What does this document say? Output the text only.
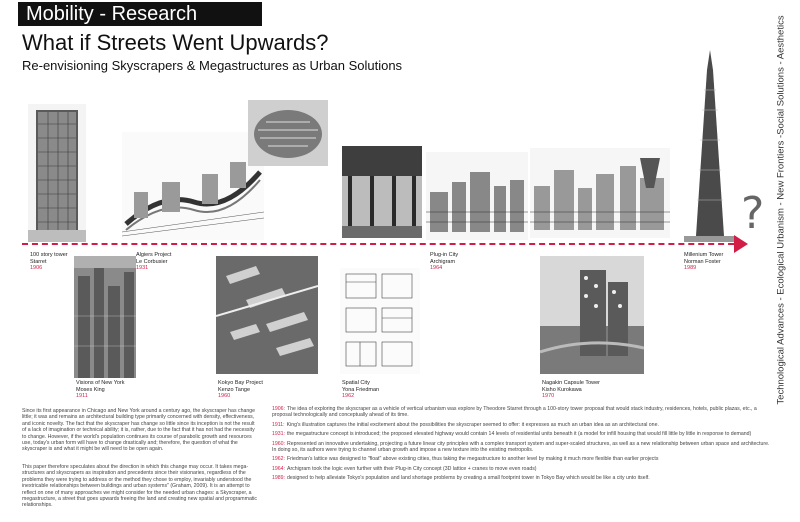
Mobility - Research
What if Streets Went Upwards?
Re-envisioning Skyscrapers & Megastructures as Urban Solutions	Technological Advances - Ecological Urbanism - New Frontiers -Social Solutions - Aesthetics
?
100 story tower
Starret
1906
Algiers Project
Le Corbusier
1931
Plug-in City
Archigram
1964
Millenium Tower
Norman Foster
1989
Visions of New York
Moses King
1911
Kokyo Bay Project
Kenzo Tange
1960
Spatial City
Yona Friedman
1962
Nagakin Capsule Tower
Kisho Kurokawa
1970
Since its first appearance in Chicago and New York around a century ago, the skyscraper has change little; it was and remains an architectural building type primarily concerned with density, effectiveness, and iconic novelty. The fact that the skyscraper has change so little since its inception is not the result of a lack of imagination or technical ability; it is, rather, due to the fact that it has not had the necessity to change. However, if the world's population continues its course of parabolic growth and resources use, today's urban form will have to change drastically and; therefore, the question of what the skyscraper is and what it might be will need to be open again.
This paper therefore speculates about the direction in which this change may occur. It takes mega-structures and skyscrapers as inspiration and precedents since their visionaries, regardless of the problems they were trying to address or the method they chose to employ, invariably understood the inextricable relationships between buildings and urban systems" (Graham, 2009). It is an attempt to reflect on one of many approaches we might consider for the needed urban chages: a Skyscraper, a megastructure, a street that goes upwards freeing the land and creating new spatial and programmatic relationships.
1906: The idea of exploring the skyscraper as a vehicle of vertical urbanism was explore by Theodore Starret through a 100-story tower proposal that would stack industry, residences, hotels, public plazas, etc., a proposal technologically and conceptually ahead of its time.
1911: King's illustration captures the initial excitement about the possibilities the skyscraper seemed to offer: it expresses as much an urban idea as an architectural one.
1931: the megastructure concept is introduced; the proposed elevated highway would contain 14 levels of residential units beneath it (a model for infill housing that would fill little by little in response to demand)
1960: Represented an innovative undertaking, projecting a future linear city principles with a complex transport system and super-scaled structures, as well as a new relationship between urban space and architecture. In doing so, its authors were trying to channel urban growth and impose a new texture into the existing metropolis.
1962: Friedman's lattice was designed to "float" above existing cities, thus taking the megastructure to another level by making it much more flexible than earlier projects
1964: Archigram took the logic even further with their Plug-in City concept (3D lattice + cranes to move even roads)
1989: designed to help alleviate Tokyo's population and land shortage problems by creating a small footprint tower in Tokyo Bay which would be like a city unto itself.
